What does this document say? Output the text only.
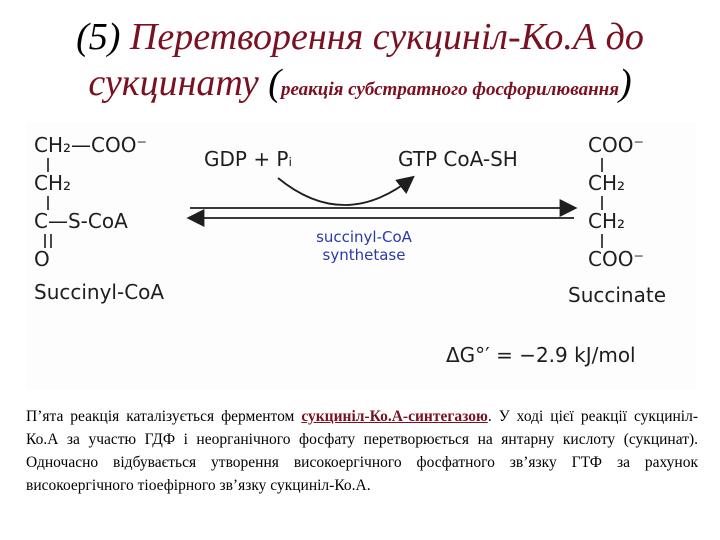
(5) Перетворення сукциніл-Ко.А до
сукцинату (реакція субстратного фосфорилювання)
CH₂—COO⁻
CH₂
C—S-CoA
O
Succinyl-CoA
GDP + Pᵢ	GTP CoA-SH
succinyl-CoA
synthetase
COO⁻
CH₂
CH₂
COO⁻
Succinate
ΔG°′ = −2.9 kJ/mol
П’ята реакція каталізується ферментом сукциніл-Ко.А-синтегазою. У ході цієї реакції сукциніл-Ко.А за участю ГДФ і неорганічного фосфату перетворюється на янтарну кислоту (сукцинат). Одночасно відбувається утворення високоергічного фосфатного зв’язку ГТФ за рахунок високоергічного тіоефірного зв’язку сукциніл-Ко.А.
